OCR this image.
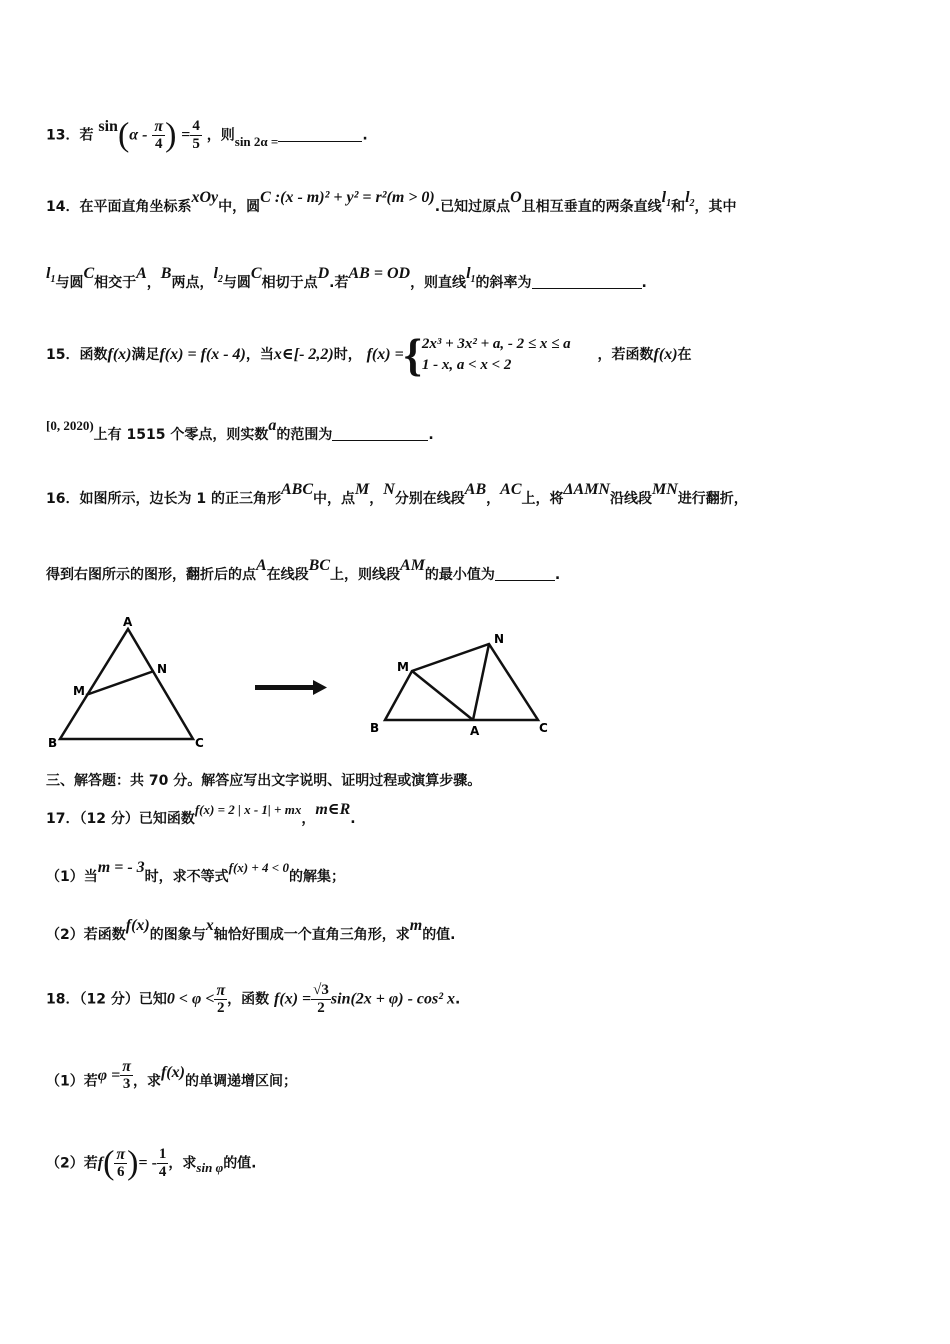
13．若 $\sin(\alpha - \frac{\pi}{4}$ ) = $\frac{4}{5}$ ，则sin 2α =	.
14．在平面直角坐标系xOy中，圆C :(x - m)² + y² = r²(m > 0).已知过原点O且相互垂直的两条直线$l_1$和$l_2$，其中
$l_1$与圆C相交于A，B两点，$l_2$与圆C相切于点D.若AB = OD，则直线$l_1$的斜率为	.
15．函数f(x)满足f(x) = f(x - 4)，当x∈[- 2,2)时， f(x) ={ 2x³ + 3x² + a, - 2 ≤ x ≤ a
1 - x, a < x < 2
，若函数f(x)在
[0, 2020)上有 1515 个零点，则实数a的范围为	.
16．如图所示，边长为 1 的正三角形ABC中，点M，N分别在线段AB，AC上，将ΔAMN沿线段MN进行翻折，
得到右图所示的图形，翻折后的点A在线段BC上，则线段AM的最小值为	.
A
N
M
B	C
N
M
B	A	C
三、解答题：共 70 分。解答应写出文字说明、证明过程或演算步骤。
17．（12 分）已知函数f(x) = 2 | x - 1| + mx，m∈R.
（1）当m = - 3时，求不等式f(x) + 4 < 0的解集；
（2）若函数f(x)的图象与x轴恰好围成一个直角三角形，求m的值.
18．（12 分）已知$0 < \varphi < \frac{\pi}{2}$ ，函数 $f(x) = \frac{√3}{2} \sin(2x + \varphi) - \cos^2$ x.
（1）若$\varphi = \frac{\pi}{3}$ ，求f(x)的单调递增区间；
（2）若$f( \frac{\pi}{6}$ )= - $\frac{1}{4}$ ，求sin φ的值.
